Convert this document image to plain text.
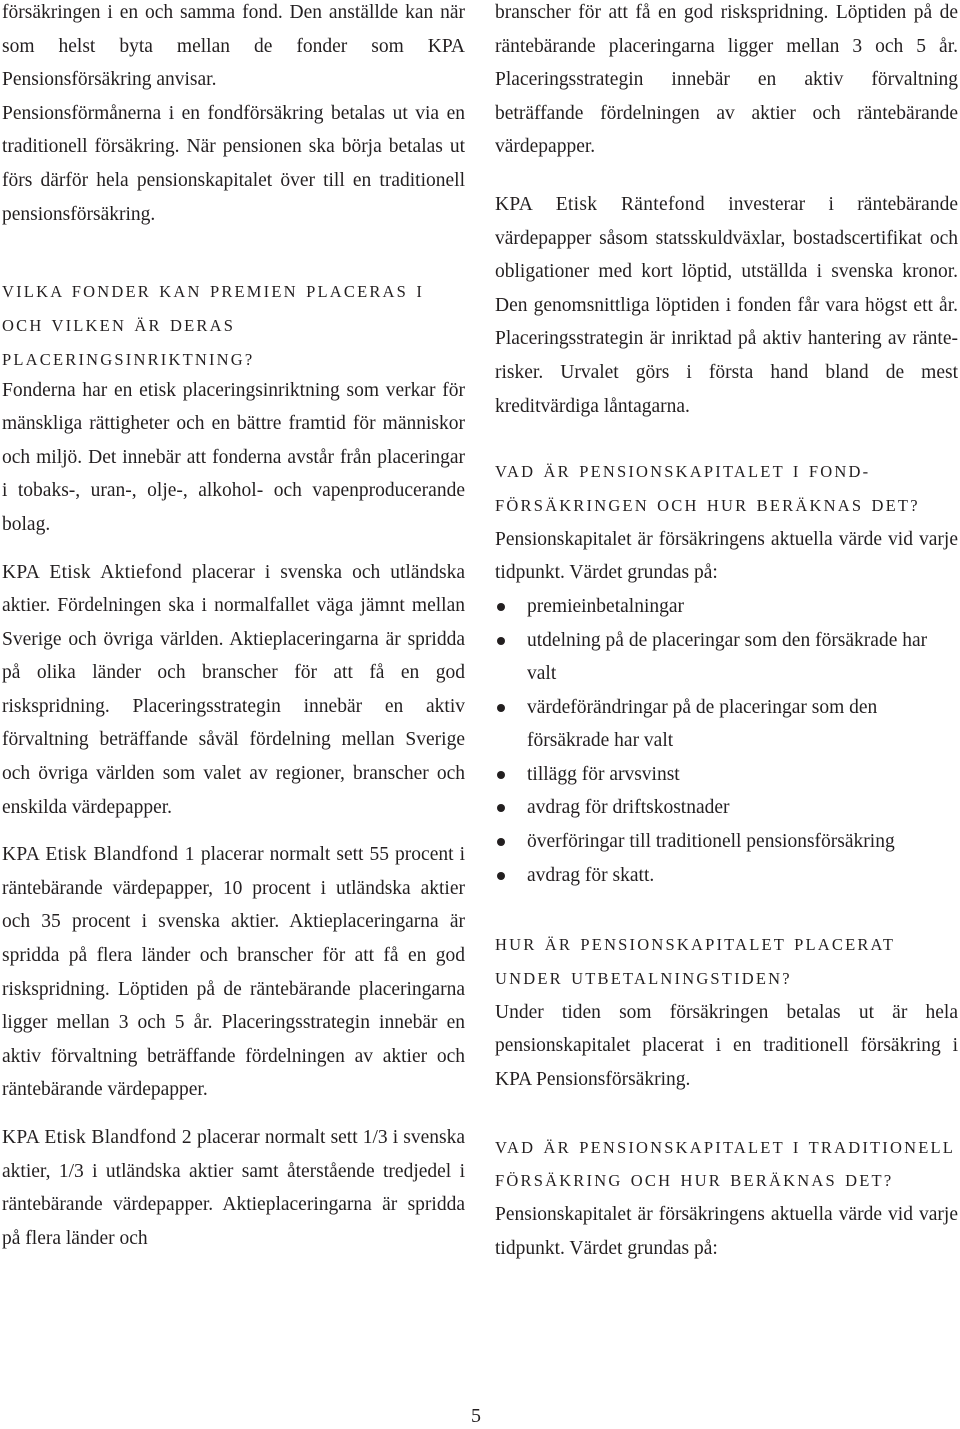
försäkringen i en och samma fond. Den anställde kan när som helst byta mellan de fonder som KPA Pensionsförsäkring anvisar.

Pensionsförmånerna i en fondförsäkring betalas ut via en traditionell försäkring. När pensionen ska börja betalas ut förs därför hela pensionskapitalet över till en traditionell pensionsförsäkring.

VILKA FONDER KAN PREMIEN PLACERAS I OCH VILKEN ÄR DERAS PLACERINGSINRIKTNING?

Fonderna har en etisk placeringsinriktning som verkar för mänskliga rättigheter och en bättre framtid för människor och miljö. Det innebär att fonderna avstår från placeringar i tobaks-, uran-, olje-, alkohol- och vapenproducerande bolag.

KPA Etisk Aktiefond placerar i svenska och utländska aktier. Fördelningen ska i normalfallet väga jämnt mellan Sverige och övriga världen. Aktieplaceringarna är spridda på olika länder och branscher för att få en god riskspridning. Placeringsstrategin innebär en aktiv förvaltning beträffande såväl fördelning mellan Sverige och övriga världen som valet av regioner, branscher och enskilda värdepapper.

KPA Etisk Blandfond 1 placerar normalt sett 55 procent i räntebärande värdepapper, 10 procent i utländska aktier och 35 procent i svenska aktier. Aktieplaceringarna är spridda på flera länder och branscher för att få en god riskspridning. Löptiden på de räntebärande placeringarna ligger mellan 3 och 5 år. Placeringsstrategin innebär en aktiv förvaltning beträffande fördelningen av aktier och räntebärande värdepapper.

KPA Etisk Blandfond 2 placerar normalt sett 1/3 i svenska aktier, 1/3 i utländska aktier samt återstående tredjedel i räntebärande värdepapper. Aktieplaceringarna är spridda på flera länder och

branscher för att få en god riskspridning. Löptiden på de räntebärande placeringarna ligger mellan 3 och 5 år. Placeringsstrategin innebär en aktiv förvaltning beträffande fördelningen av aktier och räntebärande värdepapper.

KPA Etisk Räntefond investerar i räntebärande värdepapper såsom statsskuldväxlar, bostadscertifikat och obligationer med kort löptid, utställda i svenska kronor. Den genomsnittliga löptiden i fonden får vara högst ett år. Placeringsstrategin är inriktad på aktiv hantering av ränterisker. Urvalet görs i första hand bland de mest kreditvärdiga låntagarna.

VAD ÄR PENSIONSKAPITALET I FONDFÖRSÄKRINGEN OCH HUR BERÄKNAS DET?

Pensionskapitalet är försäkringens aktuella värde vid varje tidpunkt. Värdet grundas på:

premieinbetalningar
utdelning på de placeringar som den försäkrade har valt
värdeförändringar på de placeringar som den försäkrade har valt
tillägg för arvsvinst
avdrag för driftskostnader
överföringar till traditionell pensionsförsäkring
avdrag för skatt.
HUR ÄR PENSIONSKAPITALET PLACERAT UNDER UTBETALNINGSTIDEN?

Under tiden som försäkringen betalas ut är hela pensionskapitalet placerat i en traditionell försäkring i KPA Pensionsförsäkring.

VAD ÄR PENSIONSKAPITALET I TRADITIONELL FÖRSÄKRING OCH HUR BERÄKNAS DET?

Pensionskapitalet är försäkringens aktuella värde vid varje tidpunkt. Värdet grundas på:

5
